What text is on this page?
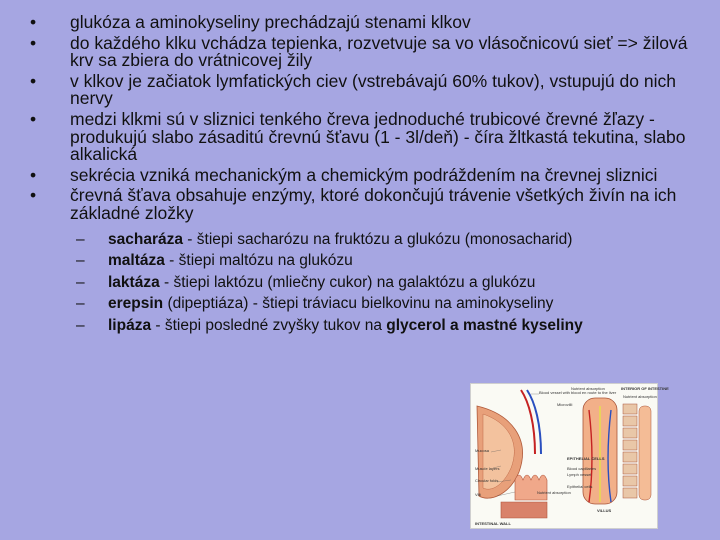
• glukóza a aminokyseliny prechádzajú stenami klkov
• do každého klku vchádza tepienka, rozvetvuje sa vo vlásočnicovú sieť => žilová krv sa zbiera do vrátnicovej žily
• v klkov je začiatok lymfatických ciev (vstrebávajú 60% tukov), vstupujú do nich nervy
• medzi klkmi sú v sliznici tenkého čreva jednoduché trubicové črevné žľazy - produkujú slabo zásaditú črevnú šťavu (1 - 3l/deň) - číra žltkastá tekutina, slabo alkalická
• sekrécia vzniká mechanickým a chemickým podráždením na črevnej sliznici
• črevná šťava obsahuje enzýmy, ktoré dokončujú trávenie všetkých živín na ich základné zložky
– sacharáza - štiepi sacharózu na fruktózu a glukózu (monosacharid)
– maltáza - štiepi maltózu na glukózu
– laktáza - štiepi laktózu (mliečny cukor) na galaktózu a glukózu
– erepsin (dipeptiáza) - štiepi tráviacu bielkovinu na aminokyseliny
– lipáza - štiepi posledné zvyšky tukov na glycerol a mastné kyseliny
Blood vessel with blood en route to the liver
Nutrient absorption	INTERIOR OF INTESTINE
Nutrient absorption
Microvilli
Mucosa
Muscle layers
Circular folds
Villi
EPITHELIAL CELLS
Blood capillaries
Lymph vessel
Nutrient absorption
Epithelial cells
INTESTINAL WALL
VILLUS
